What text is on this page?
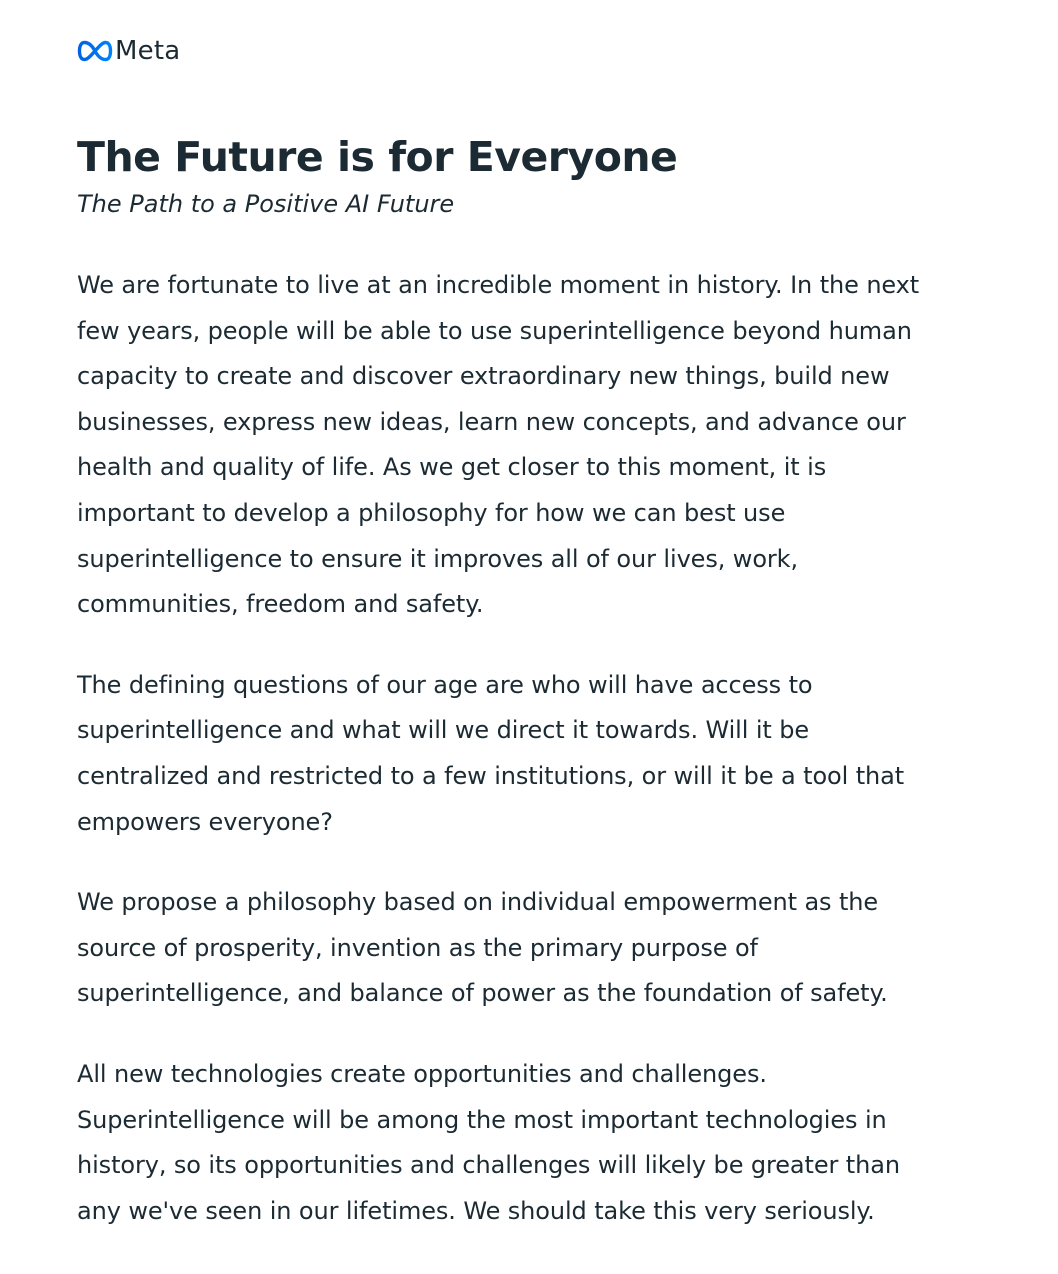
Meta
The Future is for Everyone

The Path to a Positive AI Future

We are fortunate to live at an incredible moment in history. In the next
few years, people will be able to use superintelligence beyond human
capacity to create and discover extraordinary new things, build new
businesses, express new ideas, learn new concepts, and advance our
health and quality of life. As we get closer to this moment, it is
important to develop a philosophy for how we can best use
superintelligence to ensure it improves all of our lives, work,
communities, freedom and safety.

The defining questions of our age are who will have access to
superintelligence and what will we direct it towards. Will it be
centralized and restricted to a few institutions, or will it be a tool that
empowers everyone?

We propose a philosophy based on individual empowerment as the
source of prosperity, invention as the primary purpose of
superintelligence, and balance of power as the foundation of safety.

All new technologies create opportunities and challenges.
Superintelligence will be among the most important technologies in
history, so its opportunities and challenges will likely be greater than
any we've seen in our lifetimes. We should take this very seriously.
